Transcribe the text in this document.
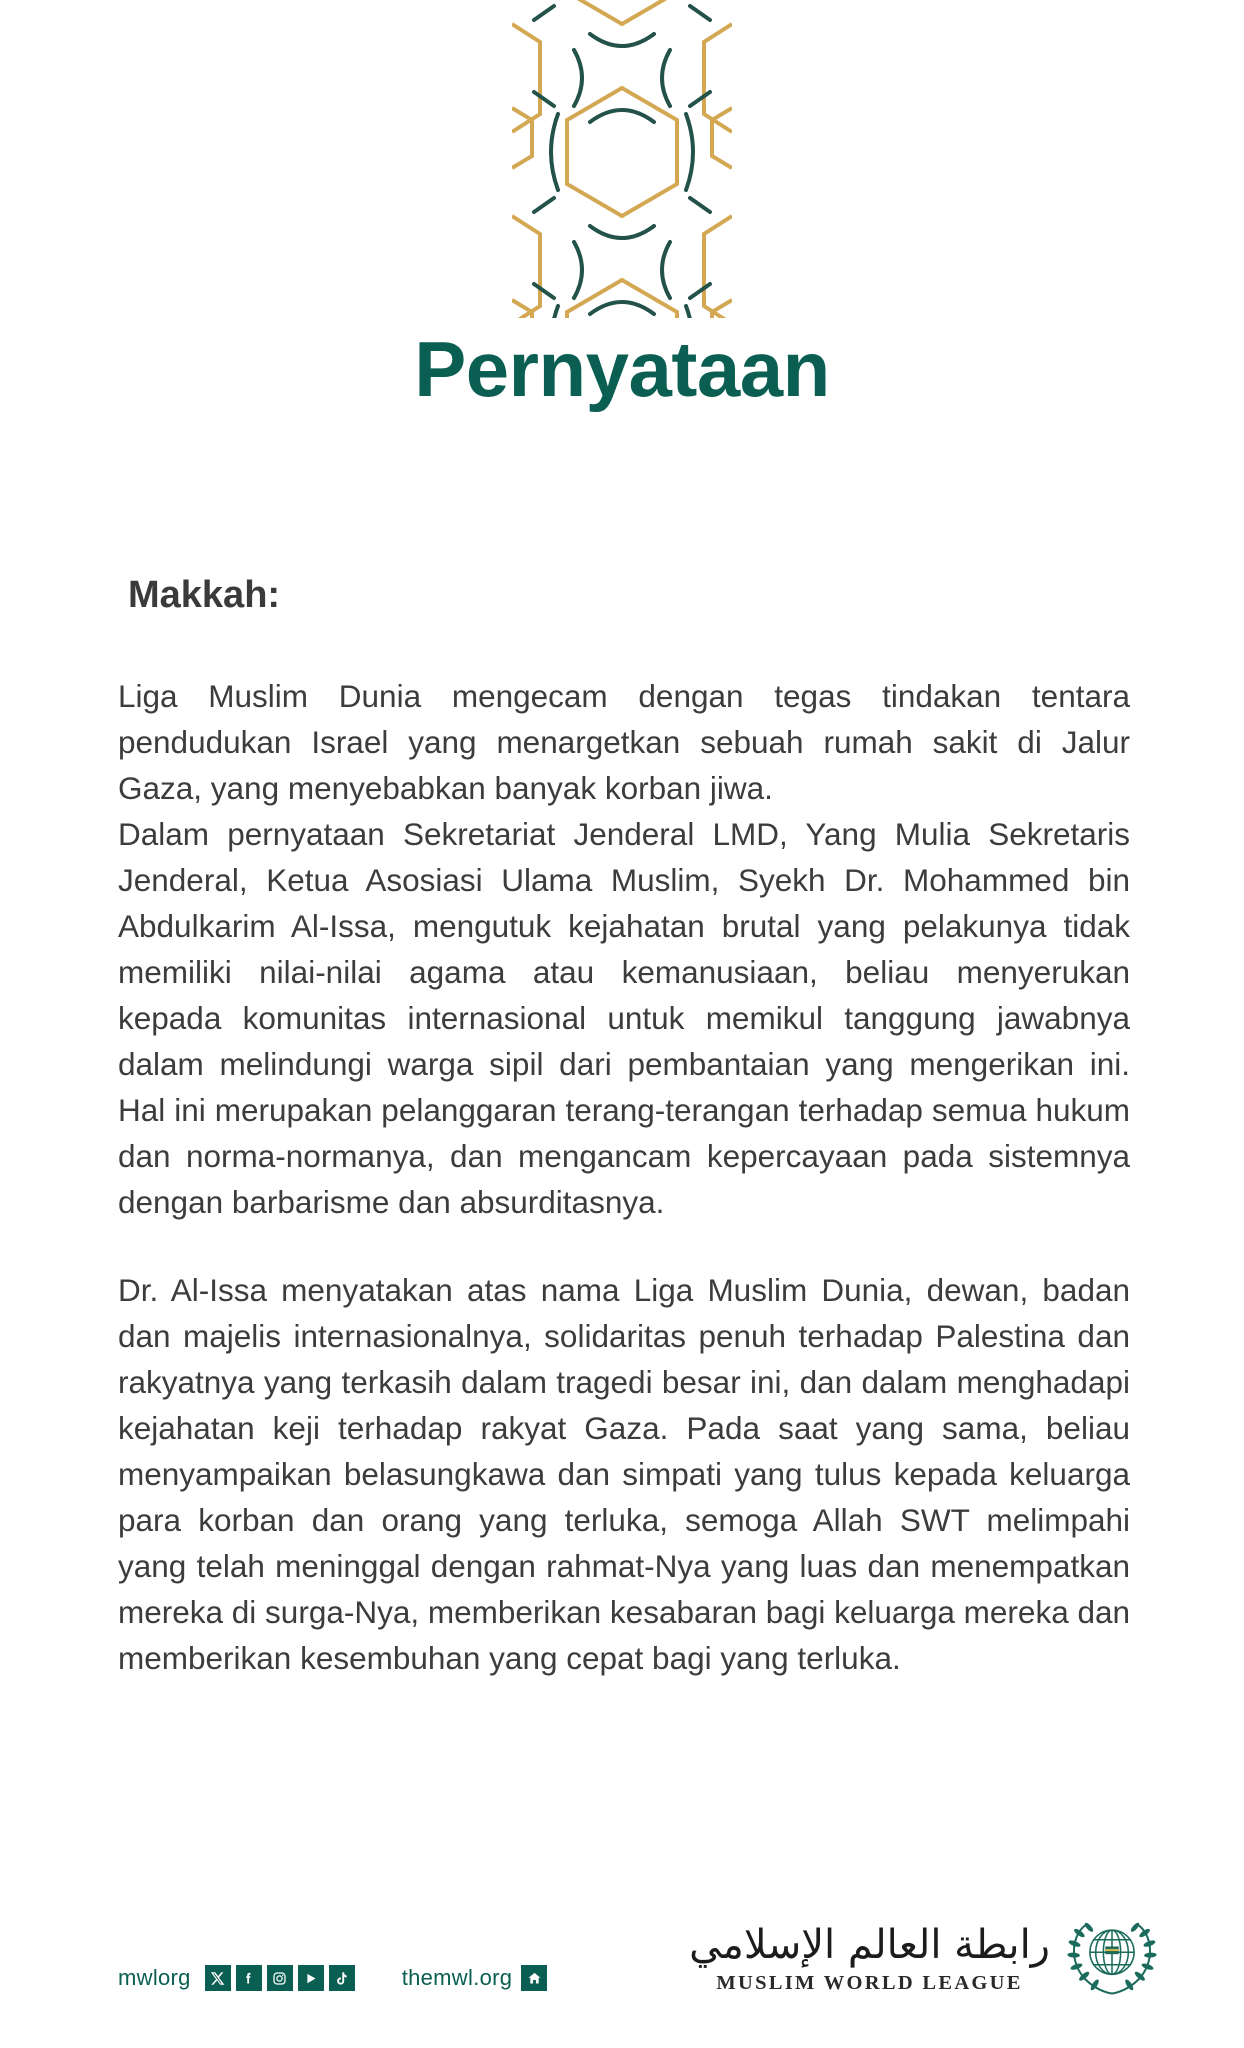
Pernyataan
Makkah:

Liga Muslim Dunia mengecam dengan tegas tindakan tentara pendudukan Israel yang menargetkan sebuah rumah sakit di Jalur Gaza, yang menyebabkan banyak korban jiwa.

Dalam pernyataan Sekretariat Jenderal LMD, Yang Mulia Sekretaris Jenderal, Ketua Asosiasi Ulama Muslim, Syekh Dr. Mohammed bin Abdulkarim Al-Issa, mengutuk kejahatan brutal yang pelakunya tidak memiliki nilai-nilai agama atau kemanusiaan, beliau menyerukan kepada komunitas internasional untuk memikul tanggung jawabnya dalam melindungi warga sipil dari pembantaian yang mengerikan ini. Hal ini merupakan pelanggaran terang-terangan terhadap semua hukum dan norma-normanya, dan mengancam kepercayaan pada sistemnya dengan barbarisme dan absurditasnya.

Dr. Al-Issa menyatakan atas nama Liga Muslim Dunia, dewan, badan dan majelis internasionalnya, solidaritas penuh terhadap Palestina dan rakyatnya yang terkasih dalam tragedi besar ini, dan dalam menghadapi kejahatan keji terhadap rakyat Gaza. Pada saat yang sama, beliau menyampaikan belasungkawa dan simpati yang tulus kepada keluarga para korban dan orang yang terluka, semoga Allah SWT melimpahi yang telah meninggal dengan rahmat-Nya yang luas dan menempatkan mereka di surga-Nya, memberikan kesabaran bagi keluarga mereka dan memberikan kesembuhan yang cepat bagi yang terluka.

mwlorg	themwl.org
رابطة العالم الإسلامي
MUSLIM WORLD LEAGUE
